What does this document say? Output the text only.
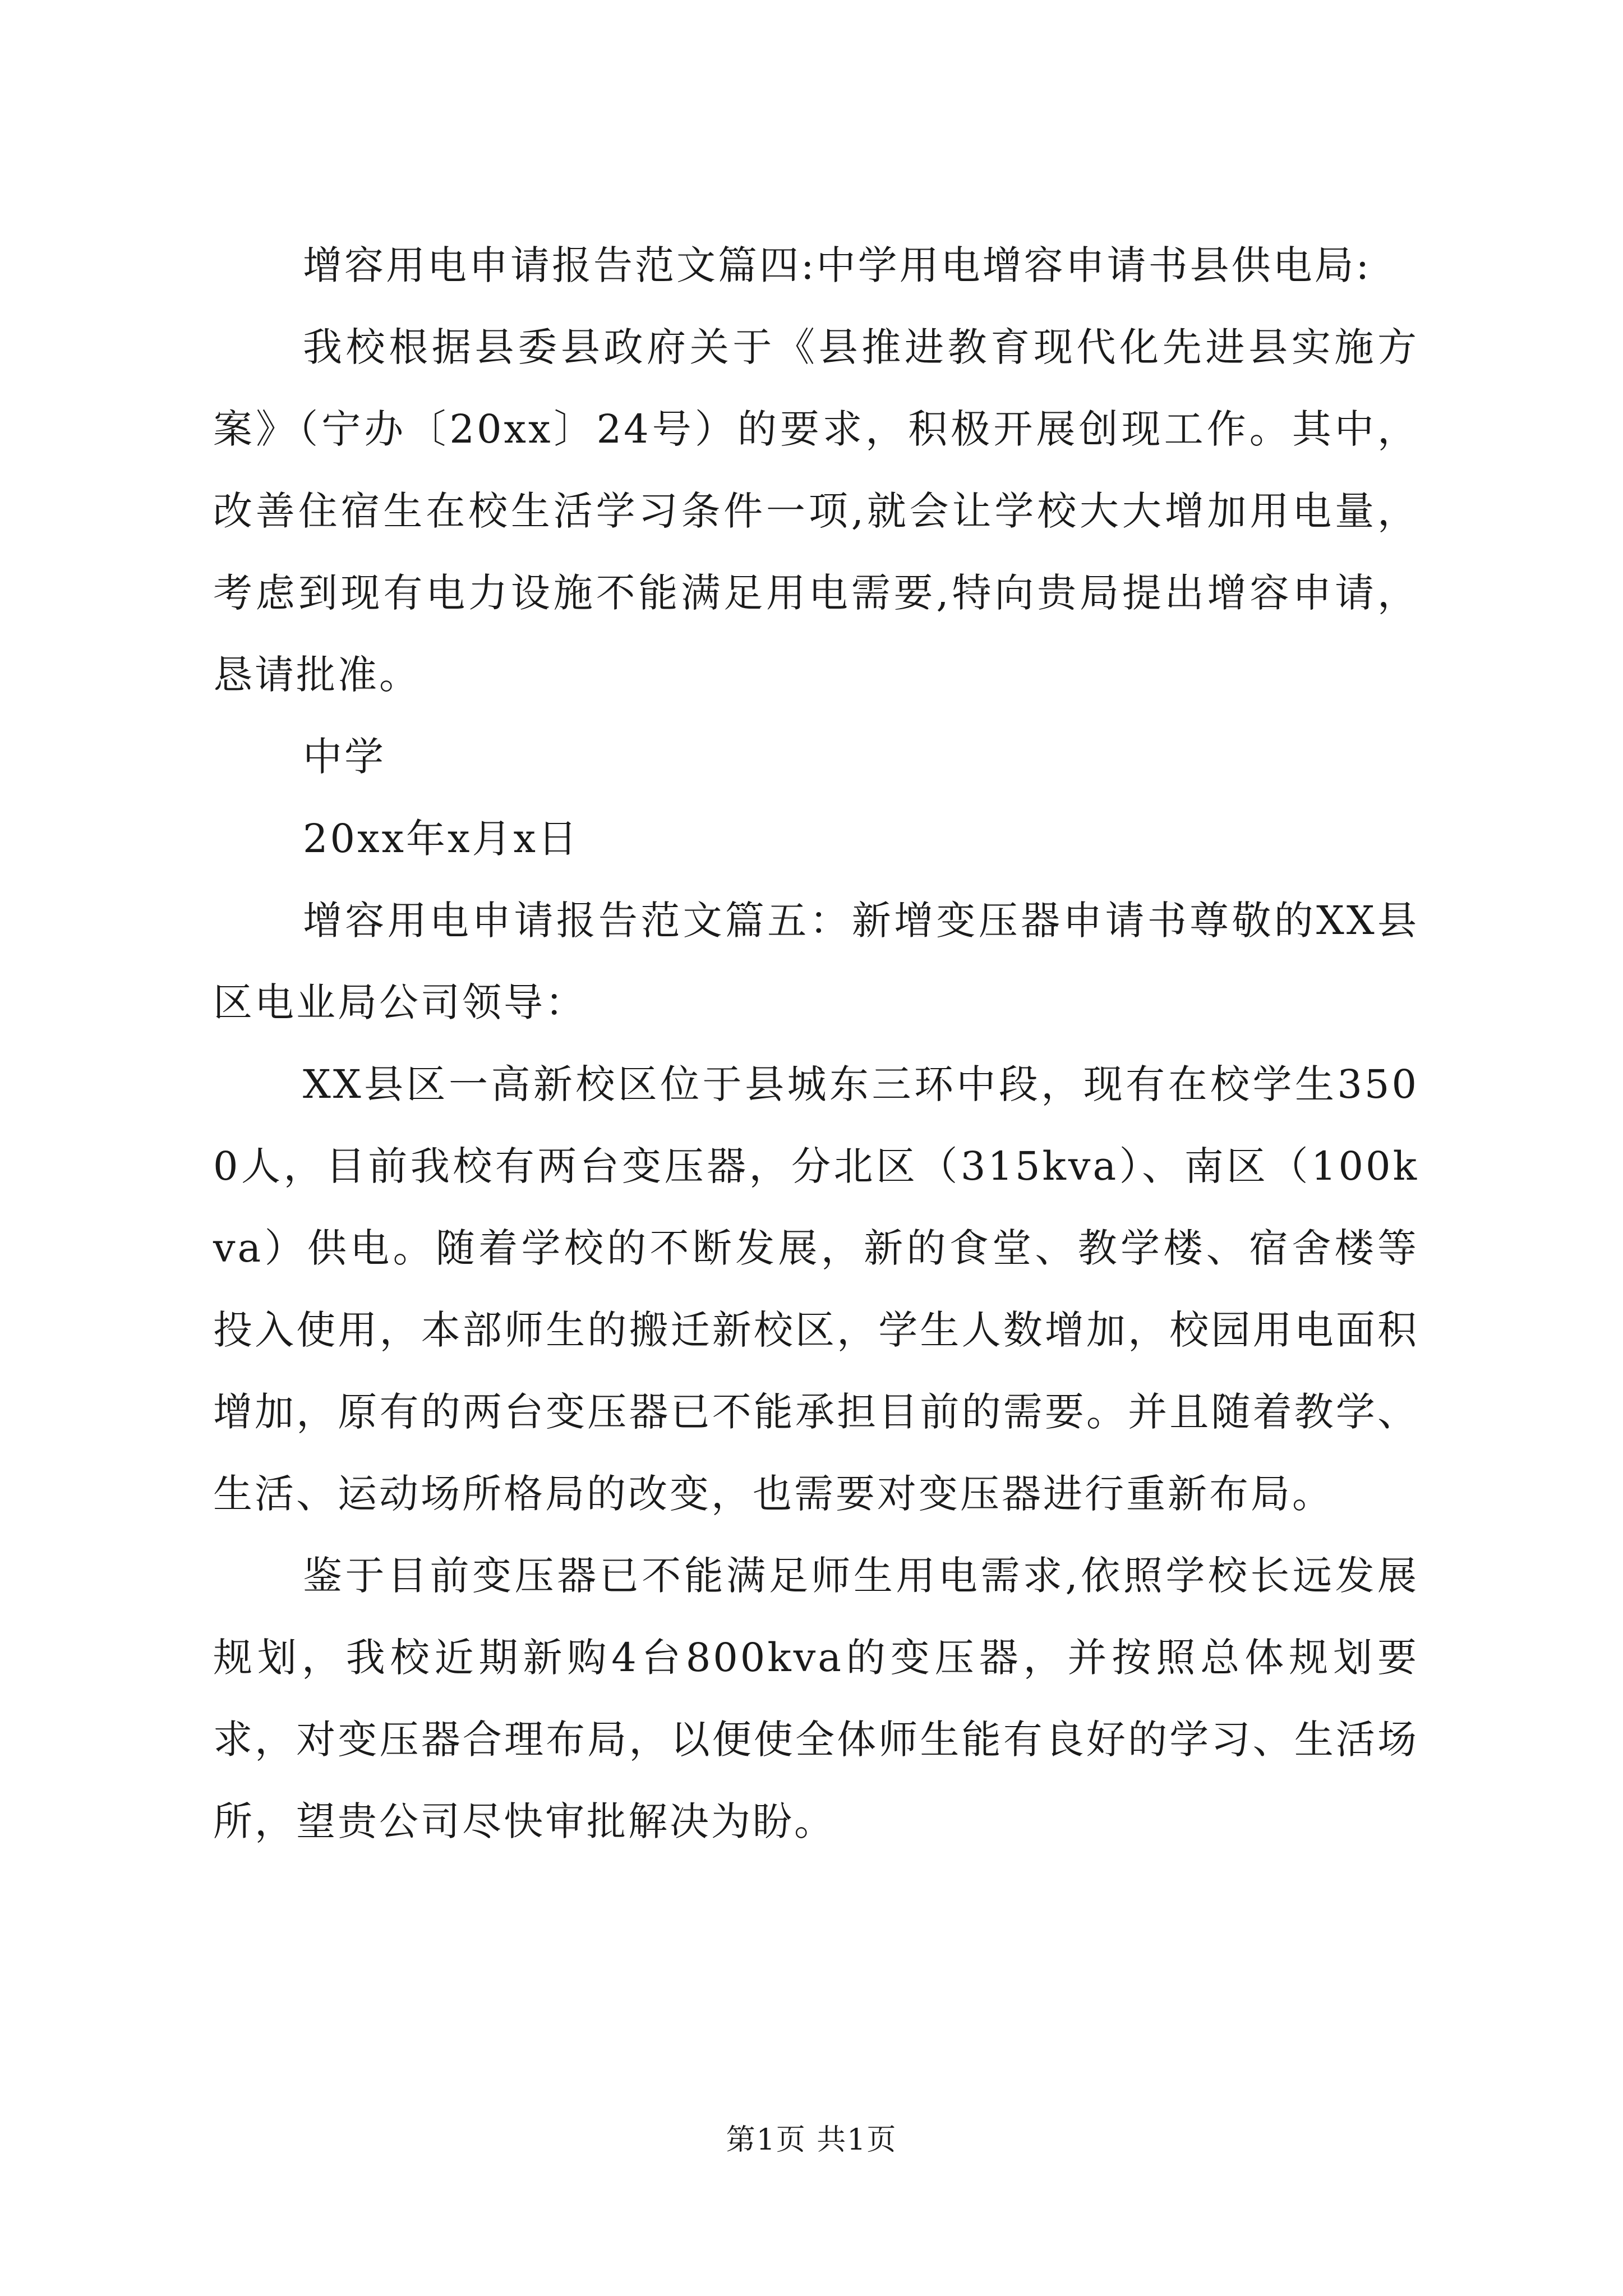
增容用电申请报告范文篇四:中学用电增容申请书县供电局:

我校根据县委县政府关于《县推进教育现代化先进县实施方案》（宁办〔20xx〕24号）的要求，积极开展创现工作。其中，改善住宿生在校生活学习条件一项,就会让学校大大增加用电量，考虑到现有电力设施不能满足用电需要,特向贵局提出增容申请，恳请批准。

中学

20xx年x月x日

增容用电申请报告范文篇五：新增变压器申请书尊敬的XX县区电业局公司领导：

XX县区一高新校区位于县城东三环中段，现有在校学生3500人，目前我校有两台变压器，分北区（315kva）、南区（100kva）供电。随着学校的不断发展，新的食堂、教学楼、宿舍楼等投入使用，本部师生的搬迁新校区，学生人数增加，校园用电面积增加，原有的两台变压器已不能承担目前的需要。并且随着教学、生活、运动场所格局的改变，也需要对变压器进行重新布局。

鉴于目前变压器已不能满足师生用电需求,依照学校长远发展规划，我校近期新购4台800kva的变压器，并按照总体规划要求，对变压器合理布局，以便使全体师生能有良好的学习、生活场所，望贵公司尽快审批解决为盼。

第1页 共1页
